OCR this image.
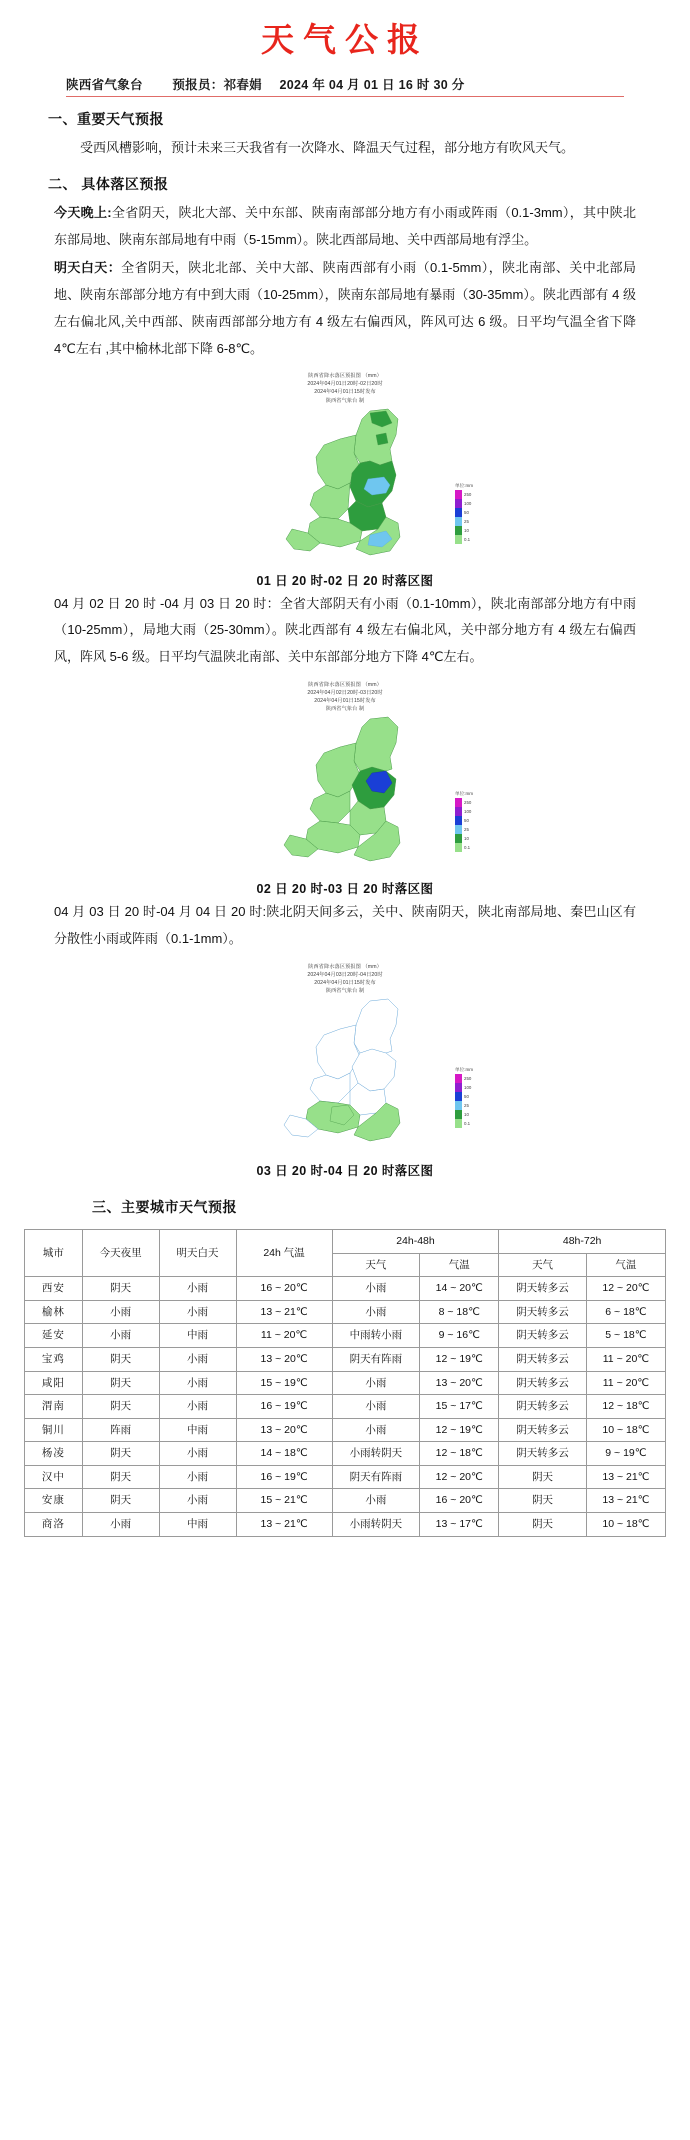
天气公报
陕西省气象台 预报员：祁春娟 2024 年 04 月 01 日 16 时 30 分
一、重要天气预报

受西风槽影响，预计未来三天我省有一次降水、降温天气过程，部分地方有吹风天气。

二、 具体落区预报

今天晚上:全省阴天，陕北大部、关中东部、陕南南部部分地方有小雨或阵雨（0.1-3mm），其中陕北东部局地、陕南东部局地有中雨（5-15mm）。陕北西部局地、关中西部局地有浮尘。

明天白天：全省阴天，陕北北部、关中大部、陕南西部有小雨（0.1-5mm），陕北南部、关中北部局地、陕南东部部分地方有中到大雨（10-25mm），陕南东部局地有暴雨（30-35mm）。陕北西部有 4 级左右偏北风,关中西部、陕南西部部分地方有 4 级左右偏西风，阵风可达 6 级。日平均气温全省下降 4℃左右 ,其中榆林北部下降 6-8℃。

陕西省降水落区预报图 （mm）
2024年04月01日20时-02日20时
2024年04月01日15时发布
陕西省气象台 制
单位:mm
250
100
50
25
10
0.1
01 日 20 时-02 日 20 时落区图

04 月 02 日 20 时 -04 月 03 日 20 时：全省大部阴天有小雨（0.1-10mm），陕北南部部分地方有中雨（10-25mm），局地大雨（25-30mm）。陕北西部有 4 级左右偏北风，关中部分地方有 4 级左右偏西风，阵风 5-6 级。日平均气温陕北南部、关中东部部分地方下降 4℃左右。

陕西省降水落区预报图 （mm）
2024年04月02日20时-03日20时
2024年04月01日15时发布
陕西省气象台 制
单位:mm
250
100
50
25
10
0.1
02 日 20 时-03 日 20 时落区图

04 月 03 日 20 时-04 月 04 日 20 时:陕北阴天间多云，关中、陕南阴天，陕北南部局地、秦巴山区有分散性小雨或阵雨（0.1-1mm）。

陕西省降水落区预报图 （mm）
2024年04月03日20时-04日20时
2024年04月01日15时发布
陕西省气象台 制
单位:mm
250
100
50
25
10
0.1
03 日 20 时-04 日 20 时落区图
三、主要城市天气预报
城市	今天夜里	明天白天	24h 气温	24h-48h		48h-72h	
				天气	气温	天气	气温
西安	阴天	小雨	16 ~ 20℃	小雨	14 ~ 20℃	阴天转多云	12 ~ 20℃
榆林	小雨	小雨	13 ~ 21℃	小雨	8 ~ 18℃	阴天转多云	6 ~ 18℃
延安	小雨	中雨	11 ~ 20℃	中雨转小雨	9 ~ 16℃	阴天转多云	5 ~ 18℃
宝鸡	阴天	小雨	13 ~ 20℃	阴天有阵雨	12 ~ 19℃	阴天转多云	11 ~ 20℃
咸阳	阴天	小雨	15 ~ 19℃	小雨	13 ~ 20℃	阴天转多云	11 ~ 20℃
渭南	阴天	小雨	16 ~ 19℃	小雨	15 ~ 17℃	阴天转多云	12 ~ 18℃
铜川	阵雨	中雨	13 ~ 20℃	小雨	12 ~ 19℃	阴天转多云	10 ~ 18℃
杨凌	阴天	小雨	14 ~ 18℃	小雨转阴天	12 ~ 18℃	阴天转多云	9 ~ 19℃
汉中	阴天	小雨	16 ~ 19℃	阴天有阵雨	12 ~ 20℃	阴天	13 ~ 21℃
安康	阴天	小雨	15 ~ 21℃	小雨	16 ~ 20℃	阴天	13 ~ 21℃
商洛	小雨	中雨	13 ~ 21℃	小雨转阴天	13 ~ 17℃	阴天	10 ~ 18℃
